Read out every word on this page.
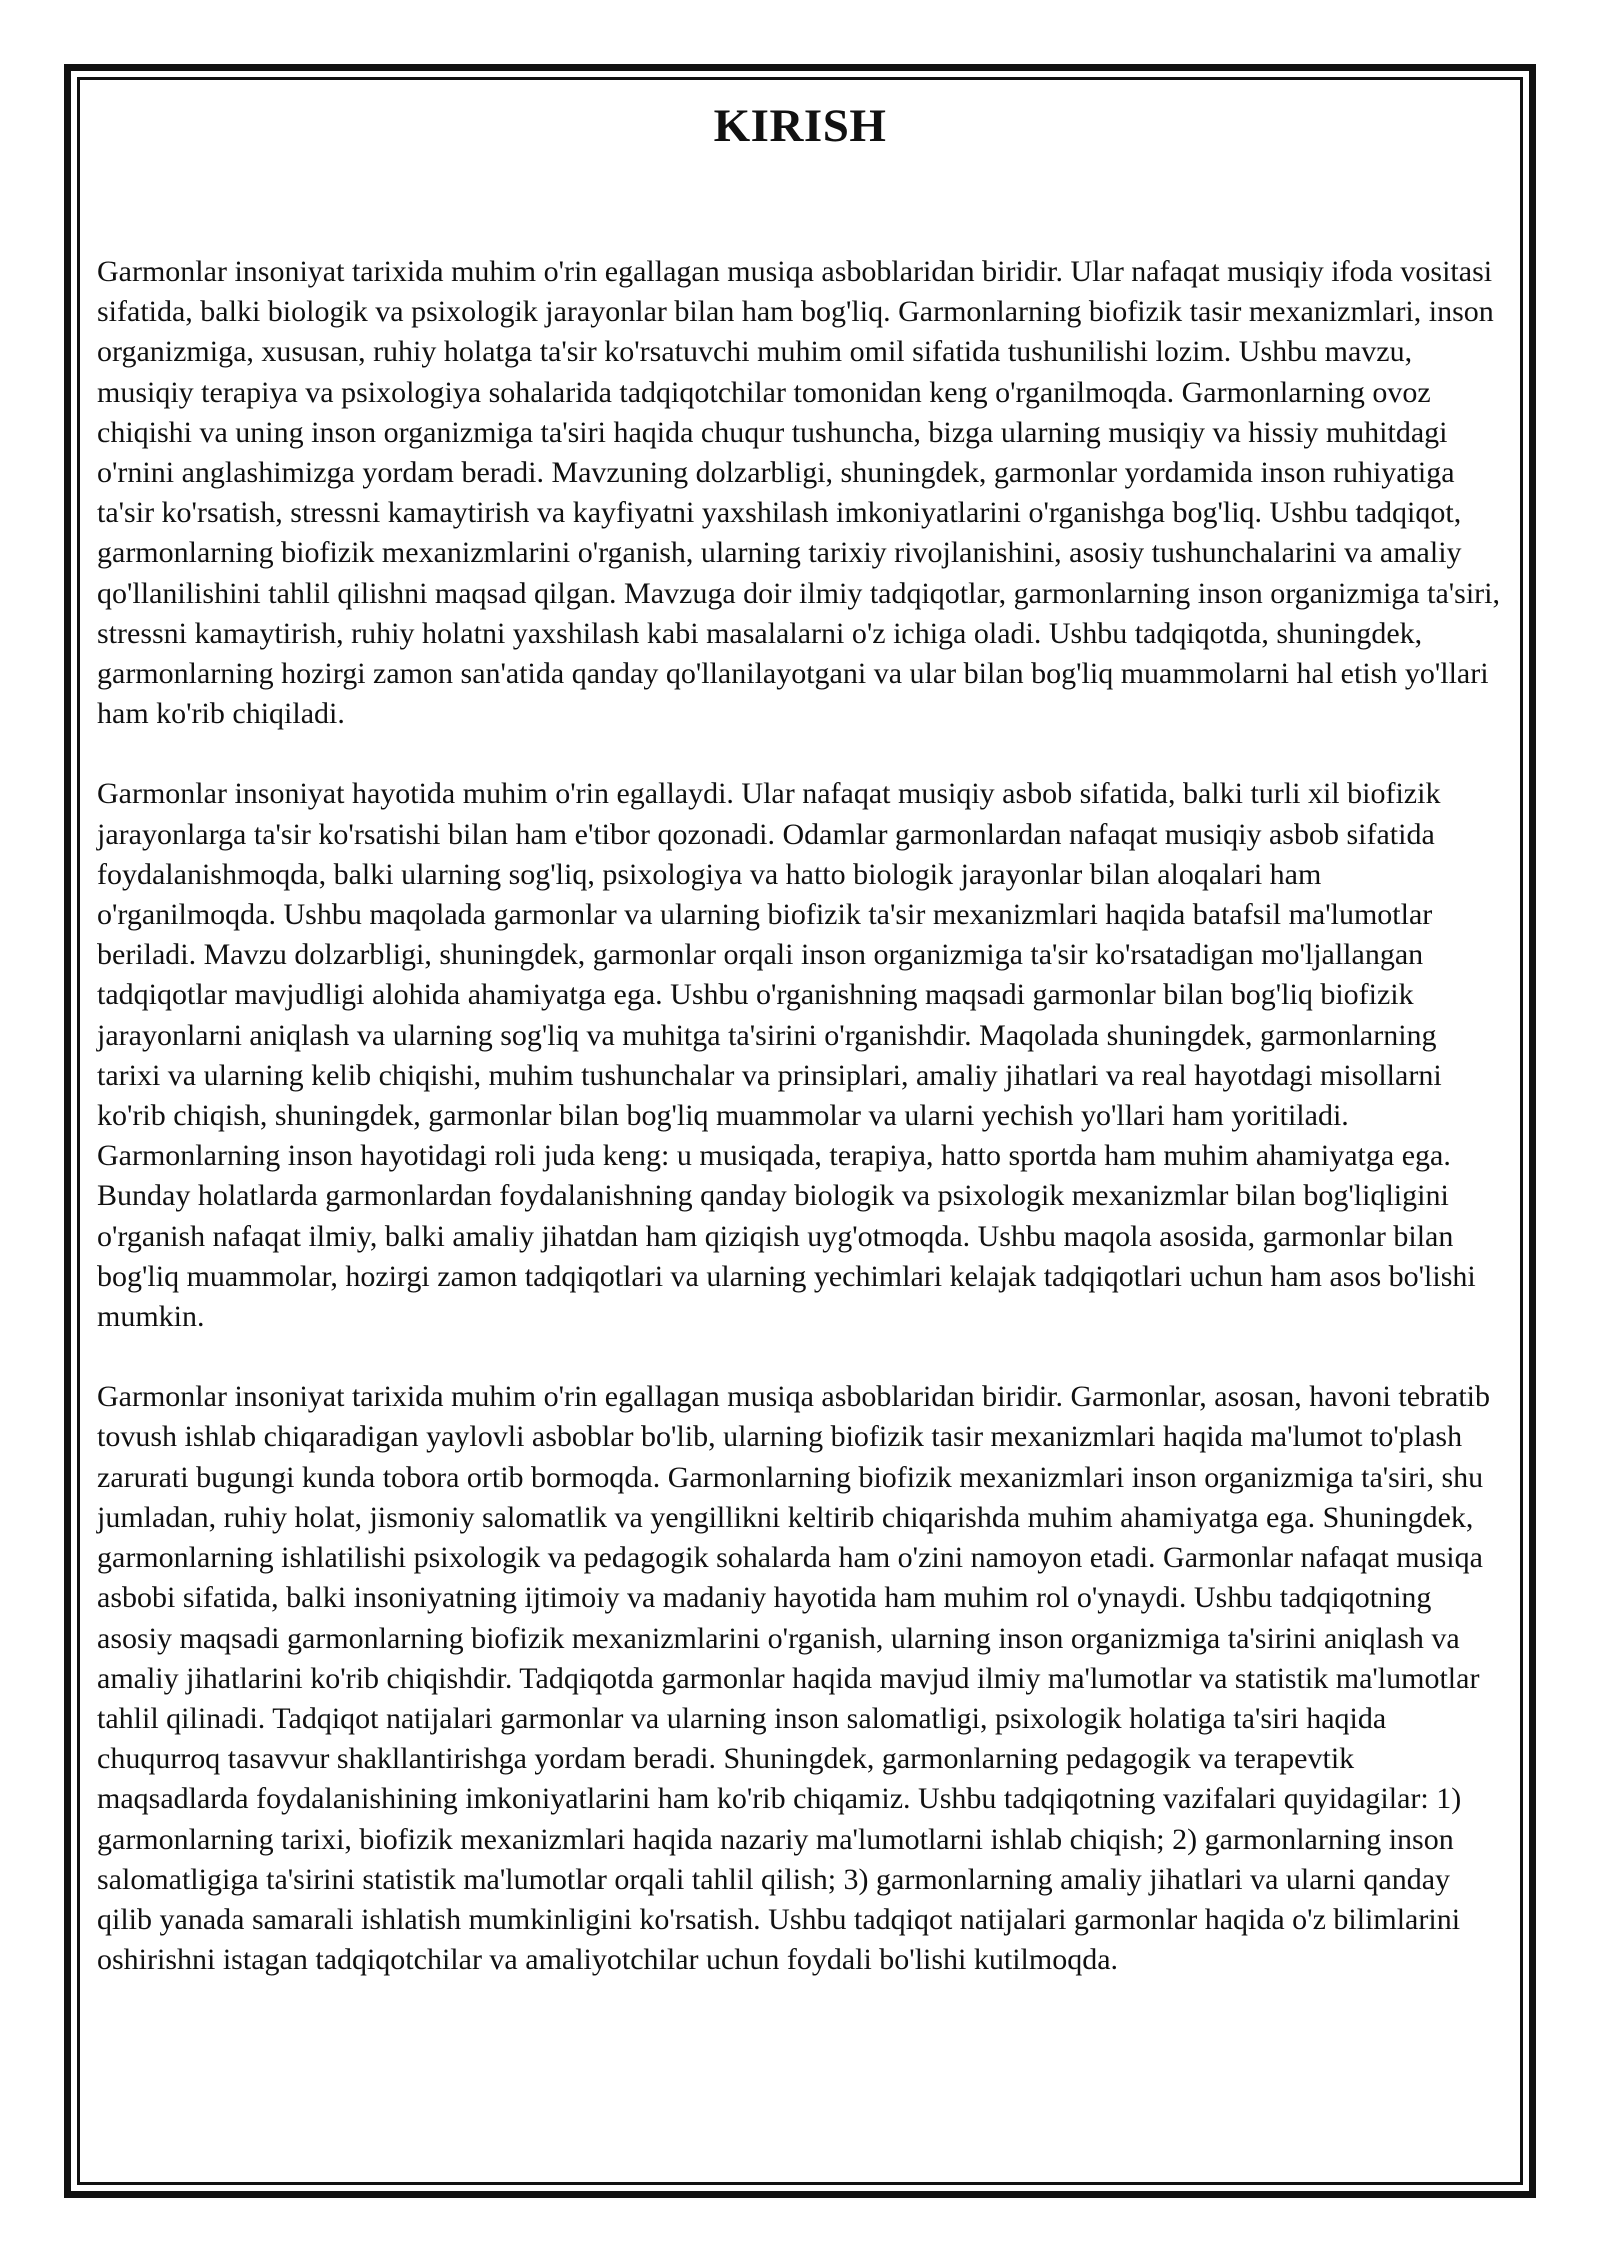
KIRISH

Garmonlar insoniyat tarixida muhim o'rin egallagan musiqa asboblaridan biridir. Ular nafaqat musiqiy ifoda vositasi sifatida, balki biologik va psixologik jarayonlar bilan ham bog'liq. Garmonlarning biofizik tasir mexanizmlari, inson organizmiga, xususan, ruhiy holatga ta'sir ko'rsatuvchi muhim omil sifatida tushunilishi lozim. Ushbu mavzu, musiqiy terapiya va psixologiya sohalarida tadqiqotchilar tomonidan keng o'rganilmoqda. Garmonlarning ovoz chiqishi va uning inson organizmiga ta'siri haqida chuqur tushuncha, bizga ularning musiqiy va hissiy muhitdagi o'rnini anglashimizga yordam beradi. Mavzuning dolzarbligi, shuningdek, garmonlar yordamida inson ruhiyatiga ta'sir ko'rsatish, stressni kamaytirish va kayfiyatni yaxshilash imkoniyatlarini o'rganishga bog'liq. Ushbu tadqiqot, garmonlarning biofizik mexanizmlarini o'rganish, ularning tarixiy rivojlanishini, asosiy tushunchalarini va amaliy qo'llanilishini tahlil qilishni maqsad qilgan. Mavzuga doir ilmiy tadqiqotlar, garmonlarning inson organizmiga ta'siri, stressni kamaytirish, ruhiy holatni yaxshilash kabi masalalarni o'z ichiga oladi. Ushbu tadqiqotda, shuningdek, garmonlarning hozirgi zamon san'atida qanday qo'llanilayotgani va ular bilan bog'liq muammolarni hal etish yo'llari ham ko'rib chiqiladi.

Garmonlar insoniyat hayotida muhim o'rin egallaydi. Ular nafaqat musiqiy asbob sifatida, balki turli xil biofizik jarayonlarga ta'sir ko'rsatishi bilan ham e'tibor qozonadi. Odamlar garmonlardan nafaqat musiqiy asbob sifatida foydalanishmoqda, balki ularning sog'liq, psixologiya va hatto biologik jarayonlar bilan aloqalari ham o'rganilmoqda. Ushbu maqolada garmonlar va ularning biofizik ta'sir mexanizmlari haqida batafsil ma'lumotlar beriladi. Mavzu dolzarbligi, shuningdek, garmonlar orqali inson organizmiga ta'sir ko'rsatadigan mo'ljallangan tadqiqotlar mavjudligi alohida ahamiyatga ega. Ushbu o'rganishning maqsadi garmonlar bilan bog'liq biofizik jarayonlarni aniqlash va ularning sog'liq va muhitga ta'sirini o'rganishdir. Maqolada shuningdek, garmonlarning tarixi va ularning kelib chiqishi, muhim tushunchalar va prinsiplari, amaliy jihatlari va real hayotdagi misollarni ko'rib chiqish, shuningdek, garmonlar bilan bog'liq muammolar va ularni yechish yo'llari ham yoritiladi. Garmonlarning inson hayotidagi roli juda keng: u musiqada, terapiya, hatto sportda ham muhim ahamiyatga ega. Bunday holatlarda garmonlardan foydalanishning qanday biologik va psixologik mexanizmlar bilan bog'liqligini o'rganish nafaqat ilmiy, balki amaliy jihatdan ham qiziqish uyg'otmoqda. Ushbu maqola asosida, garmonlar bilan bog'liq muammolar, hozirgi zamon tadqiqotlari va ularning yechimlari kelajak tadqiqotlari uchun ham asos bo'lishi mumkin.

Garmonlar insoniyat tarixida muhim o'rin egallagan musiqa asboblaridan biridir. Garmonlar, asosan, havoni tebratib tovush ishlab chiqaradigan yaylovli asboblar bo'lib, ularning biofizik tasir mexanizmlari haqida ma'lumot to'plash zarurati bugungi kunda tobora ortib bormoqda. Garmonlarning biofizik mexanizmlari inson organizmiga ta'siri, shu jumladan, ruhiy holat, jismoniy salomatlik va yengillikni keltirib chiqarishda muhim ahamiyatga ega. Shuningdek, garmonlarning ishlatilishi psixologik va pedagogik sohalarda ham o'zini namoyon etadi. Garmonlar nafaqat musiqa asbobi sifatida, balki insoniyatning ijtimoiy va madaniy hayotida ham muhim rol o'ynaydi. Ushbu tadqiqotning asosiy maqsadi garmonlarning biofizik mexanizmlarini o'rganish, ularning inson organizmiga ta'sirini aniqlash va amaliy jihatlarini ko'rib chiqishdir. Tadqiqotda garmonlar haqida mavjud ilmiy ma'lumotlar va statistik ma'lumotlar tahlil qilinadi. Tadqiqot natijalari garmonlar va ularning inson salomatligi, psixologik holatiga ta'siri haqida chuqurroq tasavvur shakllantirishga yordam beradi. Shuningdek, garmonlarning pedagogik va terapevtik maqsadlarda foydalanishining imkoniyatlarini ham ko'rib chiqamiz. Ushbu tadqiqotning vazifalari quyidagilar: 1) garmonlarning tarixi, biofizik mexanizmlari haqida nazariy ma'lumotlarni ishlab chiqish; 2) garmonlarning inson salomatligiga ta'sirini statistik ma'lumotlar orqali tahlil qilish; 3) garmonlarning amaliy jihatlari va ularni qanday qilib yanada samarali ishlatish mumkinligini ko'rsatish. Ushbu tadqiqot natijalari garmonlar haqida o'z bilimlarini oshirishni istagan tadqiqotchilar va amaliyotchilar uchun foydali bo'lishi kutilmoqda.
